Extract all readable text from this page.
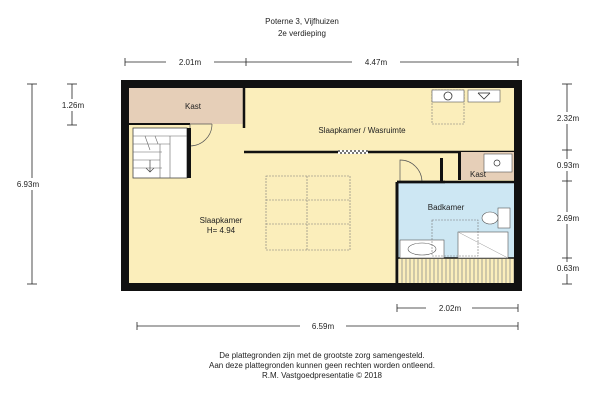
Poterne 3, Vijfhuizen
2e verdieping
2.01m	4.47m
6.93m
1.26m
2.32m
0.93m
2.69m
0.63m
Kast
Slaapkamer / Wasruimte
Kast
Badkamer
Slaapkamer
H= 4.94
2.02m
6.59m
De plattegronden zijn met de grootste zorg samengesteld.
Aan deze plattegronden kunnen geen rechten worden ontleend.
R.M. Vastgoedpresentatie © 2018
